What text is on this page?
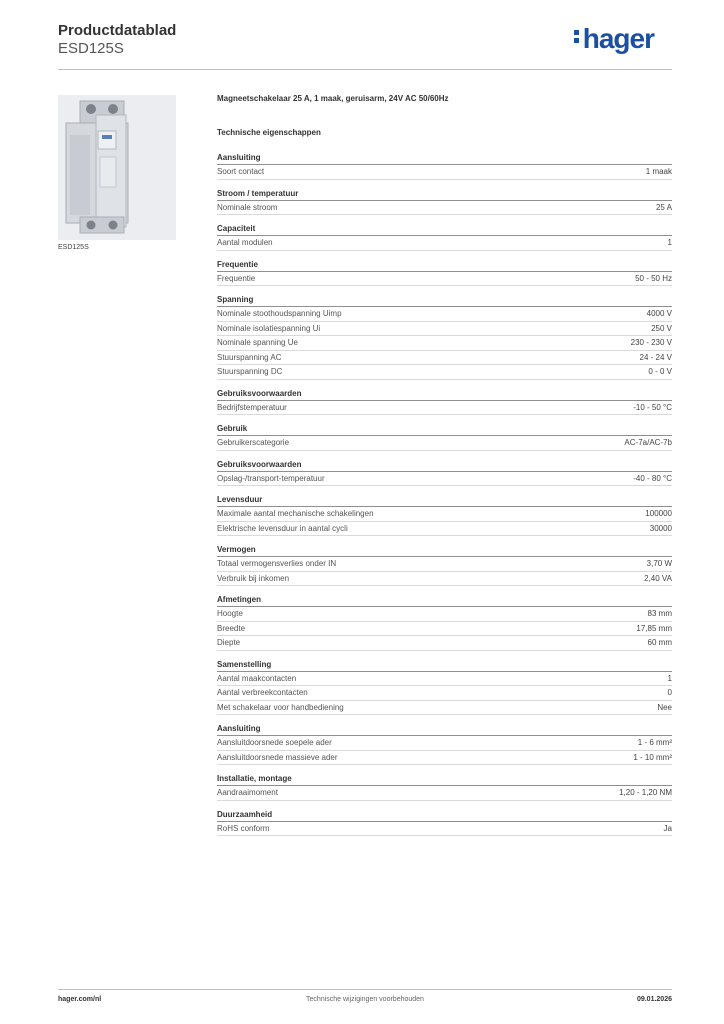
Productdatablad
ESD125S	hager
ESD125S
Magneetschakelaar 25 A, 1 maak, geruisarm, 24V AC 50/60Hz
Technische eigenschappen
Aansluiting
Soort contact	1 maak
Stroom / temperatuur
Nominale stroom	25 A
Capaciteit
Aantal modulen	1
Frequentie
Frequentie	50 - 50 Hz
Spanning
Nominale stoothoudspanning Uimp	4000 V
Nominale isolatiespanning Ui	250 V
Nominale spanning Ue	230 - 230 V
Stuurspanning AC	24 - 24 V
Stuurspanning DC	0 - 0 V
Gebruiksvoorwaarden
Bedrijfstemperatuur	-10 - 50 °C
Gebruik
Gebruikerscategorie	AC-7a/AC-7b
Gebruiksvoorwaarden
Opslag-/transport-temperatuur	-40 - 80 °C
Levensduur
Maximale aantal mechanische schakelingen	100000
Elektrische levensduur in aantal cycli	30000
Vermogen
Totaal vermogensverlies onder IN	3,70 W
Verbruik bij inkomen	2,40 VA
Afmetingen
Hoogte	83 mm
Breedte	17,85 mm
Diepte	60 mm
Samenstelling
Aantal maakcontacten	1
Aantal verbreekcontacten	0
Met schakelaar voor handbediening	Nee
Aansluiting
Aansluitdoorsnede soepele ader	1 - 6 mm²
Aansluitdoorsnede massieve ader	1 - 10 mm²
Installatie, montage
Aandraaimoment	1,20 - 1,20 NM
Duurzaamheid
RoHS conform	Ja
hager.com/nl	Technische wijzigingen voorbehouden	09.01.2026
